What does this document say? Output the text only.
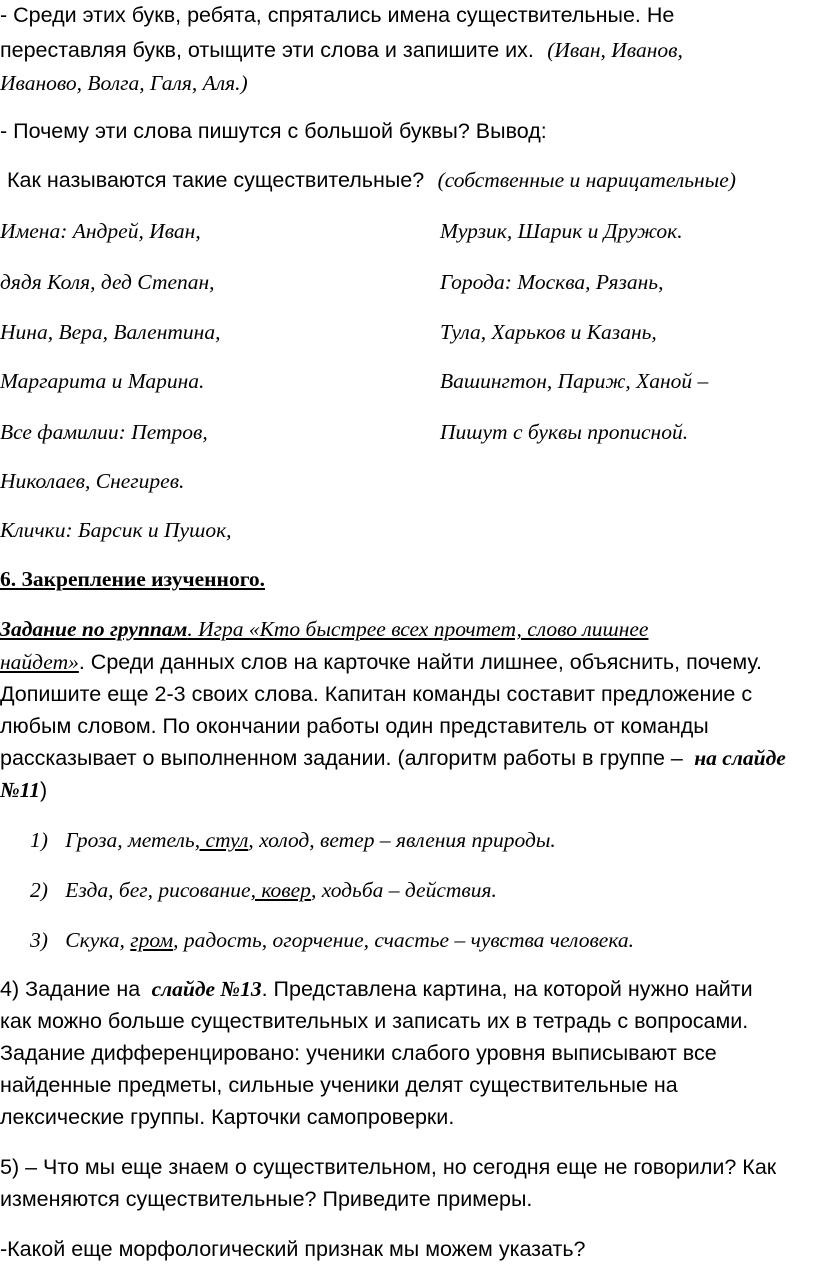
- Среди этих букв, ребята, спрятались имена существительные. Не
переставляя букв, отыщите эти слова и запишите их. (Иван, Иванов,
Иваново, Волга, Галя, Аля.)
- Почему эти слова пишутся с большой буквы? Вывод:
Как называются такие существительные? (собственные и нарицательные)
Имена: Андрей, Иван,
дядя Коля, дед Степан,
Нина, Вера, Валентина,
Маргарита и Марина.
Все фамилии: Петров,
Николаев, Снегирев.
Клички: Барсик и Пушок,
Мурзик, Шарик и Дружок.
Города: Москва, Рязань,
Тула, Харьков и Казань,
Вашингтон, Париж, Ханой –
Пишут с буквы прописной.
6. Закрепление изученного.
Задание по группам. Игра «Кто быстрее всех прочтет, слово лишнее
найдет». Среди данных слов на карточке найти лишнее, объяснить, почему.
Допишите еще 2-3 своих слова. Капитан команды составит предложение с
любым словом. По окончании работы один представитель от команды
рассказывает о выполненном задании. (алгоритм работы в группе – на слайде
№11)
1) Гроза, метель, стул, холод, ветер – явления природы.
2) Езда, бег, рисование, ковер, ходьба – действия.
3) Скука, гром, радость, огорчение, счастье – чувства человека.
4) Задание на слайде №13. Представлена картина, на которой нужно найти
как можно больше существительных и записать их в тетрадь с вопросами.
Задание дифференцировано: ученики слабого уровня выписывают все
найденные предметы, сильные ученики делят существительные на
лексические группы. Карточки самопроверки.
5) – Что мы еще знаем о существительном, но сегодня еще не говорили? Как
изменяются существительные? Приведите примеры.
-Какой еще морфологический признак мы можем указать?
